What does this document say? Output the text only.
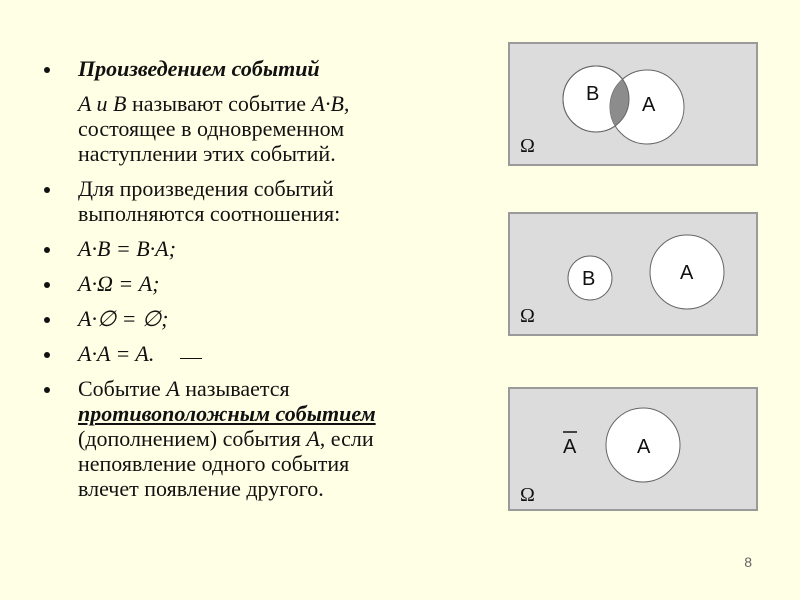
Произведением событий
A и B называют событие A·B,
состоящее в одновременном
наступлении этих событий.
Для произведения событий
выполняются соотношения:
A·B = B·A;
A·Ω = A;
A·∅ = ∅;
A·A = A.
Событие A называется
противоположным событием
(дополнением) события A, если
непоявление одного события
влечет появление другого.
B A
Ω
B	A
Ω
A
A
Ω
8
